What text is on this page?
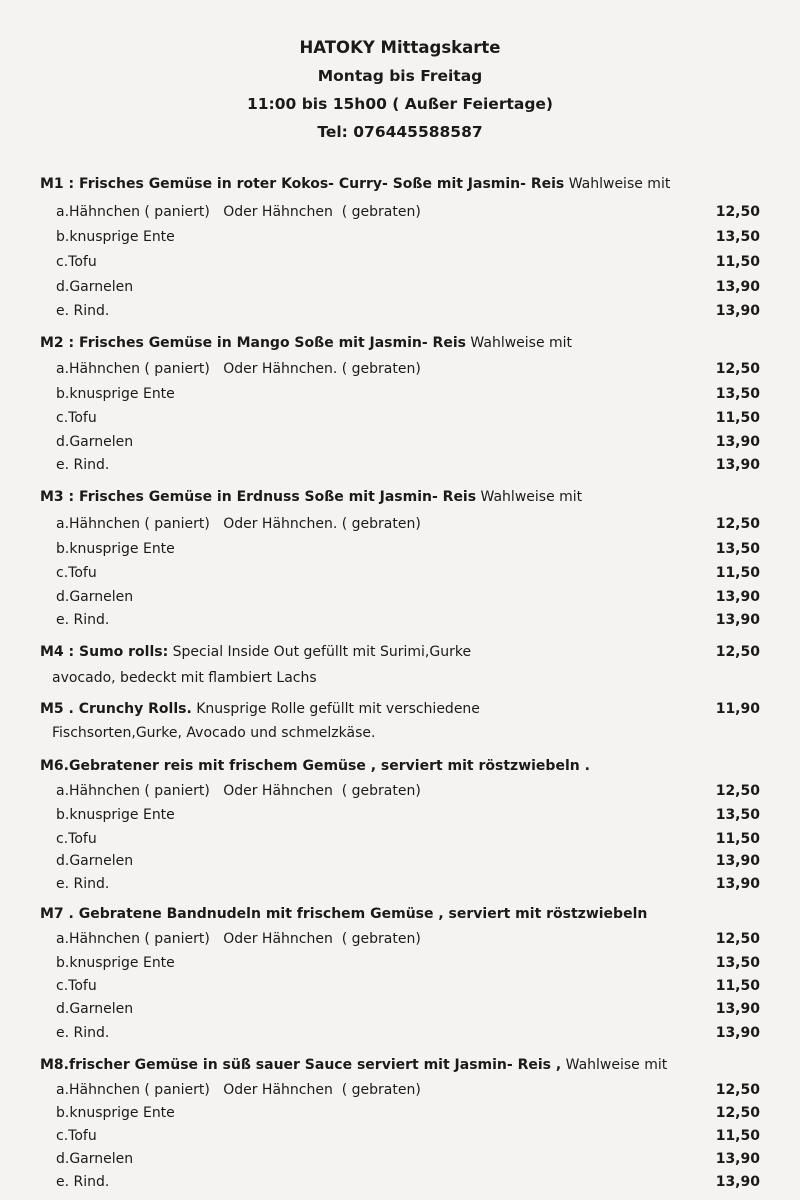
HATOKY Mittagskarte
Montag bis Freitag
11:00 bis 15h00 ( Außer Feiertage)
Tel: 076445588587
M1 : Frisches Gemüse in roter Kokos- Curry- Soße mit Jasmin- Reis Wahlweise mit
a.Hähnchen ( paniert)   Oder Hähnchen  ( gebraten)	12,50
b.knusprige Ente	13,50
c.Tofu	11,50
d.Garnelen	13,90
e. Rind.	13,90
M2 : Frisches Gemüse in Mango Soße mit Jasmin- Reis Wahlweise mit
a.Hähnchen ( paniert)   Oder Hähnchen. ( gebraten)	12,50
b.knusprige Ente	13,50
c.Tofu	11,50
d.Garnelen	13,90
e. Rind.	13,90
M3 : Frisches Gemüse in Erdnuss Soße mit Jasmin- Reis Wahlweise mit
a.Hähnchen ( paniert)   Oder Hähnchen. ( gebraten)	12,50
b.knusprige Ente	13,50
c.Tofu	11,50
d.Garnelen	13,90
e. Rind.	13,90
M4 : Sumo rolls: Special Inside Out gefüllt mit Surimi,Gurke	12,50
avocado, bedeckt mit flambiert Lachs
M5 . Crunchy Rolls. Knusprige Rolle gefüllt mit verschiedene	11,90
Fischsorten,Gurke, Avocado und schmelzkäse.
M6.Gebratener reis mit frischem Gemüse , serviert mit röstzwiebeln .
a.Hähnchen ( paniert)   Oder Hähnchen  ( gebraten)	12,50
b.knusprige Ente	13,50
c.Tofu	11,50
d.Garnelen	13,90
e. Rind.	13,90
M7 . Gebratene Bandnudeln mit frischem Gemüse , serviert mit röstzwiebeln
a.Hähnchen ( paniert)   Oder Hähnchen  ( gebraten)	12,50
b.knusprige Ente	13,50
c.Tofu	11,50
d.Garnelen	13,90
e. Rind.	13,90
M8.frischer Gemüse in süß sauer Sauce serviert mit Jasmin- Reis , Wahlweise mit
a.Hähnchen ( paniert)   Oder Hähnchen  ( gebraten)	12,50
b.knusprige Ente	12,50
c.Tofu	11,50
d.Garnelen	13,90
e. Rind.	13,90
